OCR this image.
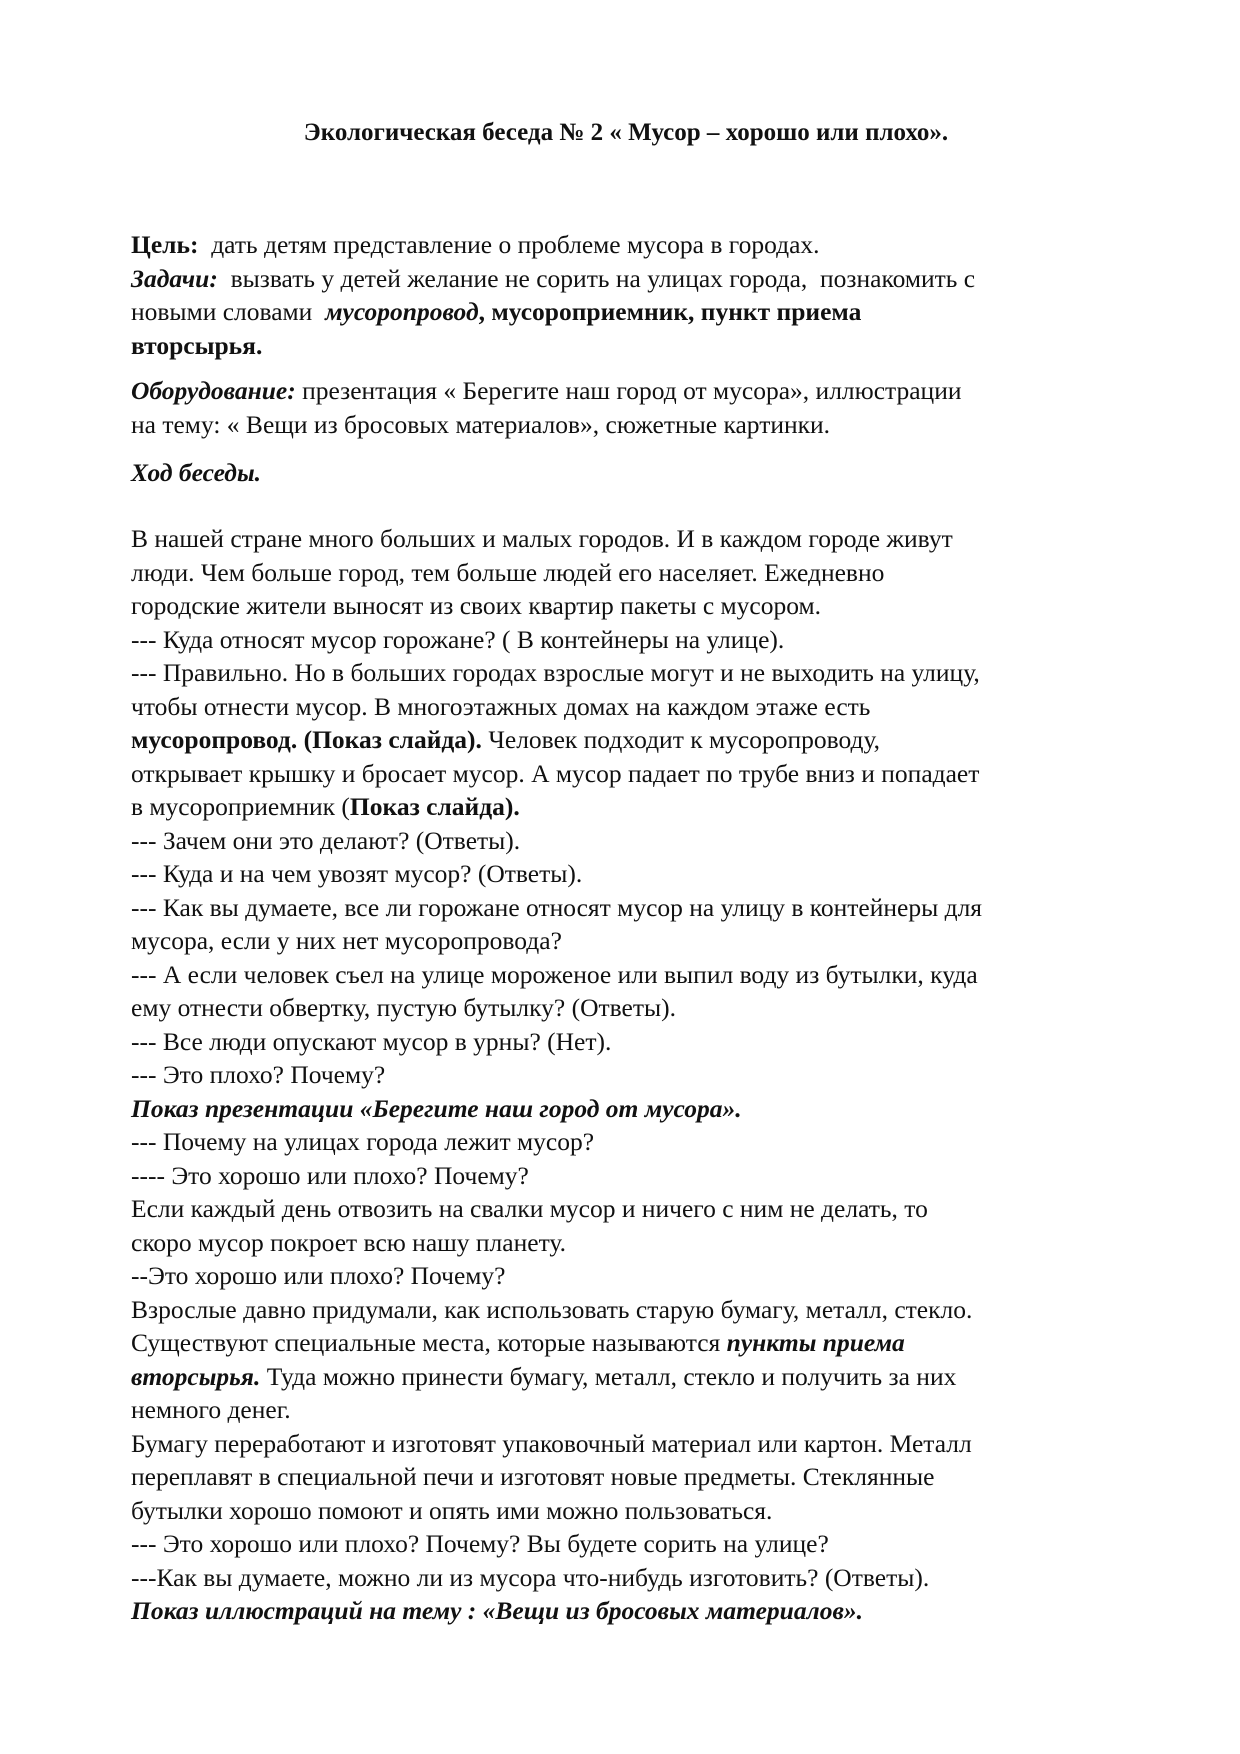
Экологическая беседа № 2 « Мусор – хорошо или плохо».
Цель:  дать детям представление о проблеме мусора в городах.
Задачи:  вызвать у детей желание не сорить на улицах города,  познакомить с
новыми словами  мусоропровод, мусороприемник, пункт приема
вторсырья.
Оборудование: презентация « Берегите наш город от мусора», иллюстрации
на тему: « Вещи из бросовых материалов», сюжетные картинки.
Ход беседы.
В нашей стране много больших и малых городов. И в каждом городе живут
люди. Чем больше город, тем больше людей его населяет. Ежедневно
городские жители выносят из своих квартир пакеты с мусором.
--- Куда относят мусор горожане? ( В контейнеры на улице).
--- Правильно. Но в больших городах взрослые могут и не выходить на улицу,
чтобы отнести мусор. В многоэтажных домах на каждом этаже есть
мусоропровод. (Показ слайда). Человек подходит к мусоропроводу,
открывает крышку и бросает мусор. А мусор падает по трубе вниз и попадает
в мусороприемник (Показ слайда).
--- Зачем они это делают? (Ответы).
--- Куда и на чем увозят мусор? (Ответы).
--- Как вы думаете, все ли горожане относят мусор на улицу в контейнеры для
мусора, если у них нет мусоропровода?
--- А если человек съел на улице мороженое или выпил воду из бутылки, куда
ему отнести обвертку, пустую бутылку? (Ответы).
--- Все люди опускают мусор в урны? (Нет).
--- Это плохо? Почему?
Показ презентации «Берегите наш город от мусора».
--- Почему на улицах города лежит мусор?
---- Это хорошо или плохо? Почему?
Если каждый день отвозить на свалки мусор и ничего с ним не делать, то
скоро мусор покроет всю нашу планету.
--Это хорошо или плохо? Почему?
Взрослые давно придумали, как использовать старую бумагу, металл, стекло.
Существуют специальные места, которые называются пункты приема
вторсырья. Туда можно принести бумагу, металл, стекло и получить за них
немного денег.
Бумагу переработают и изготовят упаковочный материал или картон. Металл
переплавят в специальной печи и изготовят новые предметы. Стеклянные
бутылки хорошо помоют и опять ими можно пользоваться.
--- Это хорошо или плохо? Почему? Вы будете сорить на улице?
---Как вы думаете, можно ли из мусора что-нибудь изготовить? (Ответы).
Показ иллюстраций на тему : «Вещи из бросовых материалов».
